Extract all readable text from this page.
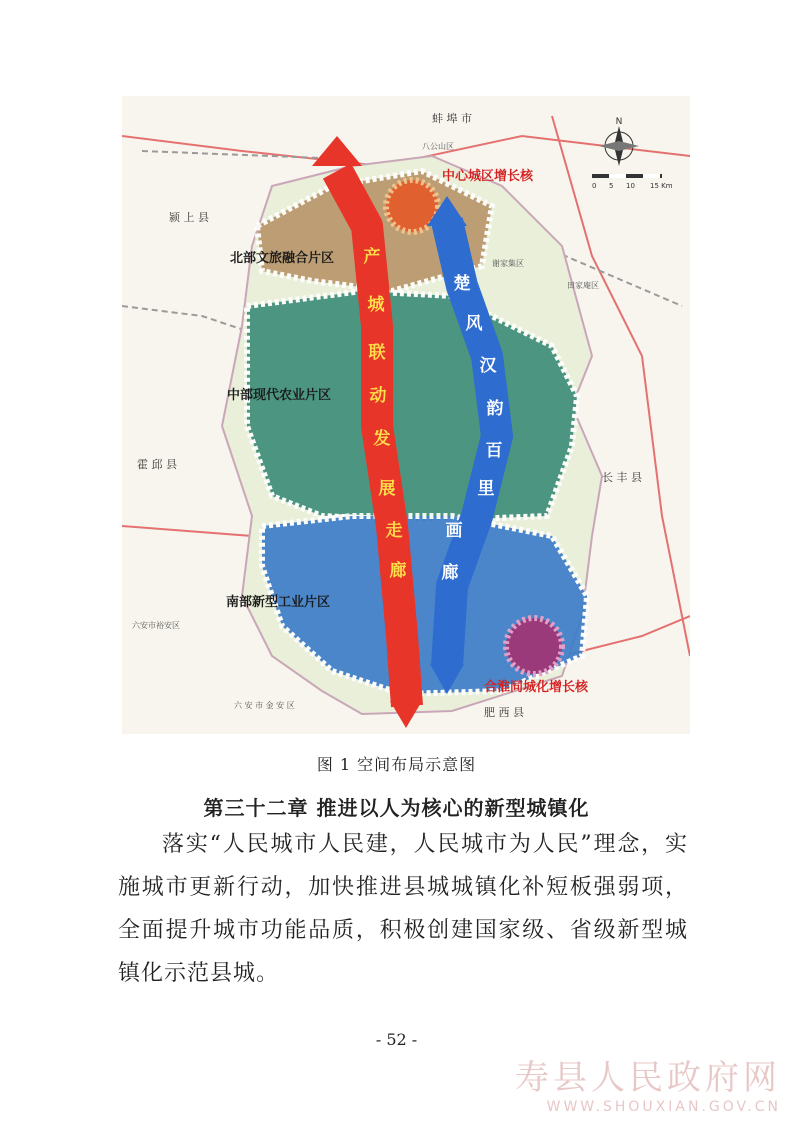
N
0 5 10 15 Km
中心城区增长核
北部文旅融合片区
中部现代农业片区
南部新型工业片区
合淮同城化增长核
蚌 埠 市
颍 上 县
霍 邱 县
长 丰 县
肥 西 县
八公山区
谢家集区
田家庵区
六安市裕安区
六 安 市 金 安 区
产
城
联
动
发
展
走
廊
楚
风
汉
韵
百
里
画
廊
图 1 空间布局示意图
第三十二章 推进以人为核心的新型城镇化
落实“人民城市人民建，人民城市为人民”理念，实施城市更新行动，加快推进县城城镇化补短板强弱项，全面提升城市功能品质，积极创建国家级、省级新型城镇化示范县城。
- 52 -
寿县人民政府网
WWW.SHOUXIAN.GOV.CN
